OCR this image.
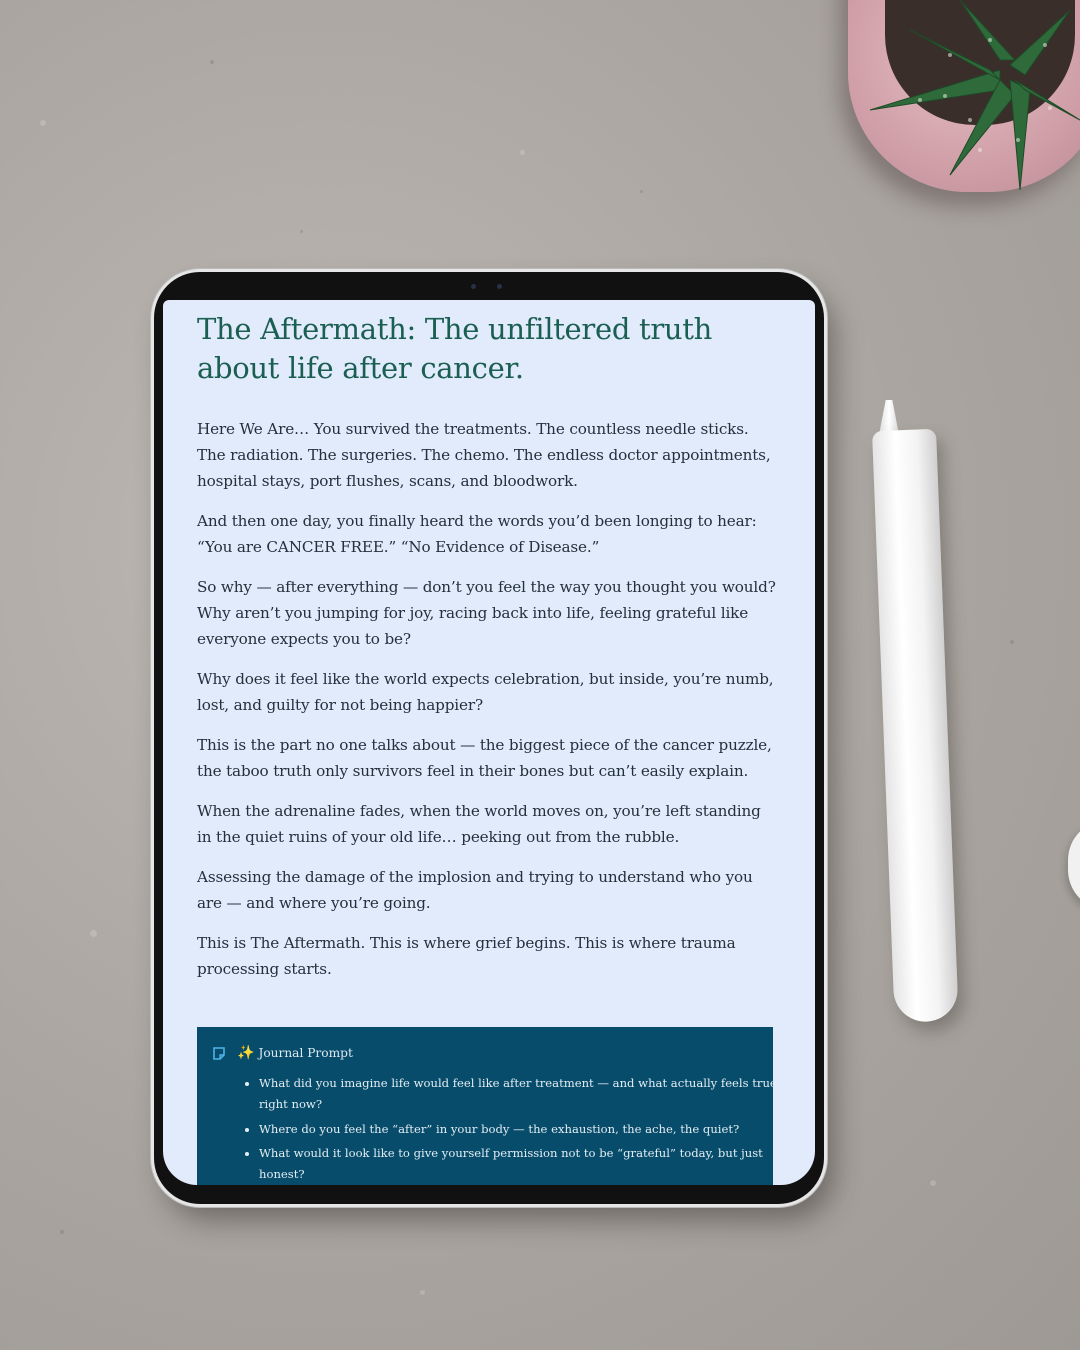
The Aftermath: The unfiltered truth about life after cancer.

Here We Are… You survived the treatments. The countless needle sticks. The radiation. The surgeries. The chemo. The endless doctor appointments, hospital stays, port flushes, scans, and bloodwork.

And then one day, you finally heard the words you’d been longing to hear: “You are CANCER FREE.” “No Evidence of Disease.”

So why — after everything — don’t you feel the way you thought you would? Why aren’t you jumping for joy, racing back into life, feeling grateful like everyone expects you to be?

Why does it feel like the world expects celebration, but inside, you’re numb, lost, and guilty for not being happier?

This is the part no one talks about — the biggest piece of the cancer puzzle, the taboo truth only survivors feel in their bones but can’t easily explain.

When the adrenaline fades, when the world moves on, you’re left standing in the quiet ruins of your old life… peeking out from the rubble.

Assessing the damage of the implosion and trying to understand who you are — and where you’re going.

This is The Aftermath. This is where grief begins. This is where trauma processing starts.

✨ Journal Prompt
• What did you imagine life would feel like after treatment — and what actually feels true right now?
• Where do you feel the “after” in your body — the exhaustion, the ache, the quiet?
• What would it look like to give yourself permission not to be “grateful” today, but just honest?
